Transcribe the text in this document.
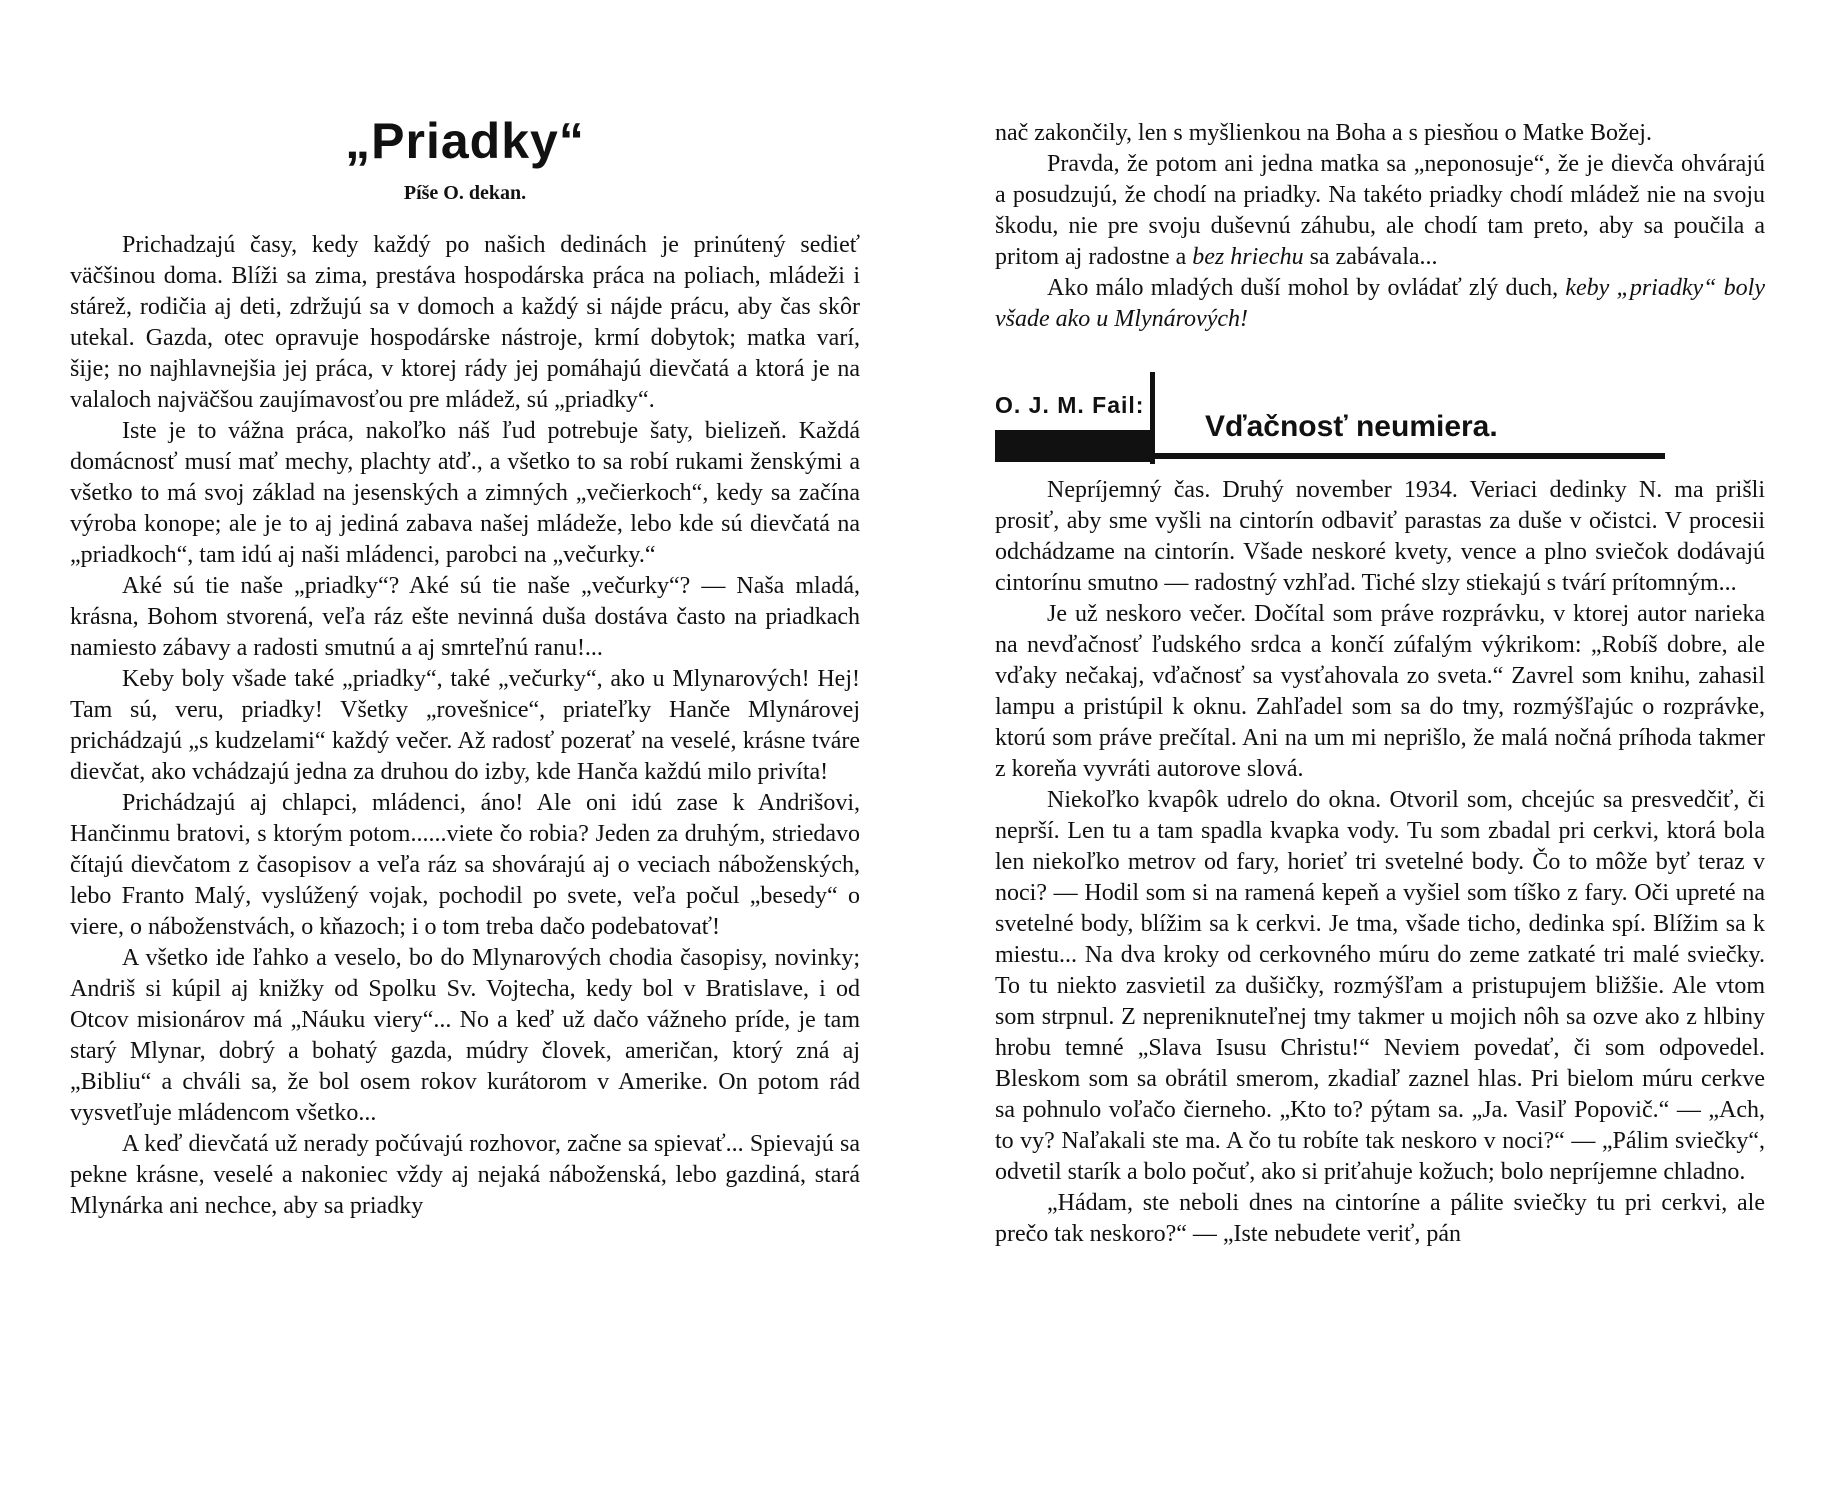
„Priadky“
Píše O. dekan.

Prichadzajú časy, kedy každý po našich dedinách je prinútený sedieť väčšinou doma. Blíži sa zima, prestáva hospodárska práca na poliach, mládeži i stárež, rodičia aj deti, zdržujú sa v domoch a každý si nájde prácu, aby čas skôr utekal. Gazda, otec opravuje hospodárske nástroje, krmí dobytok; matka varí, šije; no najhlavnejšia jej práca, v ktorej rády jej pomáhajú dievčatá a ktorá je na valaloch najväčšou zaujímavosťou pre mládež, sú „priadky“.

Iste je to vážna práca, nakoľko náš ľud potrebuje šaty, bielizeň. Každá domácnosť musí mať mechy, plachty atď., a všetko to sa robí rukami ženskými a všetko to má svoj základ na jesenských a zimných „večierkoch“, kedy sa začína výroba konope; ale je to aj jediná zabava našej mládeže, lebo kde sú dievčatá na „priadkoch“, tam idú aj naši mládenci, parobci na „večurky.“

Aké sú tie naše „priadky“? Aké sú tie naše „večurky“? — Naša mladá, krásna, Bohom stvorená, veľa ráz ešte nevinná duša dostáva často na priadkach namiesto zábavy a radosti smutnú a aj smrteľnú ranu!...

Keby boly všade také „priadky“, také „večurky“, ako u Mlynarových! Hej! Tam sú, veru, priadky! Všetky „rovešnice“, priateľky Hanče Mlynárovej prichádzajú „s kudzelami“ každý večer. Až radosť pozerať na veselé, krásne tváre dievčat, ako vchádzajú jedna za druhou do izby, kde Hanča každú milo privíta!

Prichádzajú aj chlapci, mládenci, áno! Ale oni idú zase k Andrišovi, Hančinmu bratovi, s ktorým potom......viete čo robia? Jeden za druhým, striedavo čítajú dievčatom z časopisov a veľa ráz sa shovárajú aj o veciach náboženských, lebo Franto Malý, vyslúžený vojak, pochodil po svete, veľa počul „besedy“ o viere, o náboženstvách, o kňazoch; i o tom treba dačo podebatovať!

A všetko ide ľahko a veselo, bo do Mlynarových chodia časopisy, novinky; Andriš si kúpil aj knižky od Spolku Sv. Vojtecha, kedy bol v Bratislave, i od Otcov misionárov má „Náuku viery“... No a keď už dačo vážneho príde, je tam starý Mlynar, dobrý a bohatý gazda, múdry človek, američan, ktorý zná aj „Bibliu“ a chváli sa, že bol osem rokov kurátorom v Amerike. On potom rád vysvetľuje mládencom všetko...

A keď dievčatá už nerady počúvajú rozhovor, začne sa spievať... Spievajú sa pekne krásne, veselé a nakoniec vždy aj nejaká náboženská, lebo gazdiná, stará Mlynárka ani nechce, aby sa priadky

nač zakončily, len s myšlienkou na Boha a s piesňou o Matke Božej.

Pravda, že potom ani jedna matka sa „neponosuje“, že je dievča ohvárajú a posudzujú, že chodí na priadky. Na takéto priadky chodí mládež nie na svoju škodu, nie pre svoju duševnú záhubu, ale chodí tam preto, aby sa poučila a pritom aj radostne a bez hriechu sa zabávala...

Ako málo mladých duší mohol by ovládať zlý duch, keby „priadky“ boly všade ako u Mlynárových!

O. J. M. Fail:
Vďačnosť neumiera.

Nepríjemný čas. Druhý november 1934. Veriaci dedinky N. ma prišli prosiť, aby sme vyšli na cintorín odbaviť parastas za duše v očistci. V procesii odchádzame na cintorín. Všade neskoré kvety, vence a plno sviečok dodávajú cintorínu smutno — radostný vzhľad. Tiché slzy stiekajú s tvárí prítomným...

Je už neskoro večer. Dočítal som práve rozprávku, v ktorej autor narieka na nevďačnosť ľudského srdca a končí zúfalým výkrikom: „Robíš dobre, ale vďaky nečakaj, vďačnosť sa vysťahovala zo sveta.“ Zavrel som knihu, zahasil lampu a pristúpil k oknu. Zahľadel som sa do tmy, rozmýšľajúc o rozprávke, ktorú som práve prečítal. Ani na um mi neprišlo, že malá nočná príhoda takmer z koreňa vyvráti autorove slová.

Niekoľko kvapôk udrelo do okna. Otvoril som, chcejúc sa presvedčiť, či neprší. Len tu a tam spadla kvapka vody. Tu som zbadal pri cerkvi, ktorá bola len niekoľko metrov od fary, horieť tri svetelné body. Čo to môže byť teraz v noci? — Hodil som si na ramená kepeň a vyšiel som tíško z fary. Oči upreté na svetelné body, blížim sa k cerkvi. Je tma, všade ticho, dedinka spí. Blížim sa k miestu... Na dva kroky od cerkovného múru do zeme zatkaté tri malé sviečky. To tu niekto zasvietil za dušičky, rozmýšľam a pristupujem bližšie. Ale vtom som strpnul. Z nepreniknuteľnej tmy takmer u mojich nôh sa ozve ako z hlbiny hrobu temné „Slava Isusu Christu!“ Neviem povedať, či som odpovedel. Bleskom som sa obrátil smerom, zkadiaľ zaznel hlas. Pri bielom múru cerkve sa pohnulo voľačo čierneho. „Kto to? pýtam sa. „Ja. Vasiľ Popovič.“ — „Ach, to vy? Naľakali ste ma. A čo tu robíte tak neskoro v noci?“ — „Pálim sviečky“, odvetil starík a bolo počuť, ako si priťahuje kožuch; bolo nepríjemne chladno.

„Hádam, ste neboli dnes na cintoríne a pálite sviečky tu pri cerkvi, ale prečo tak neskoro?“ — „Iste nebudete veriť, pán
